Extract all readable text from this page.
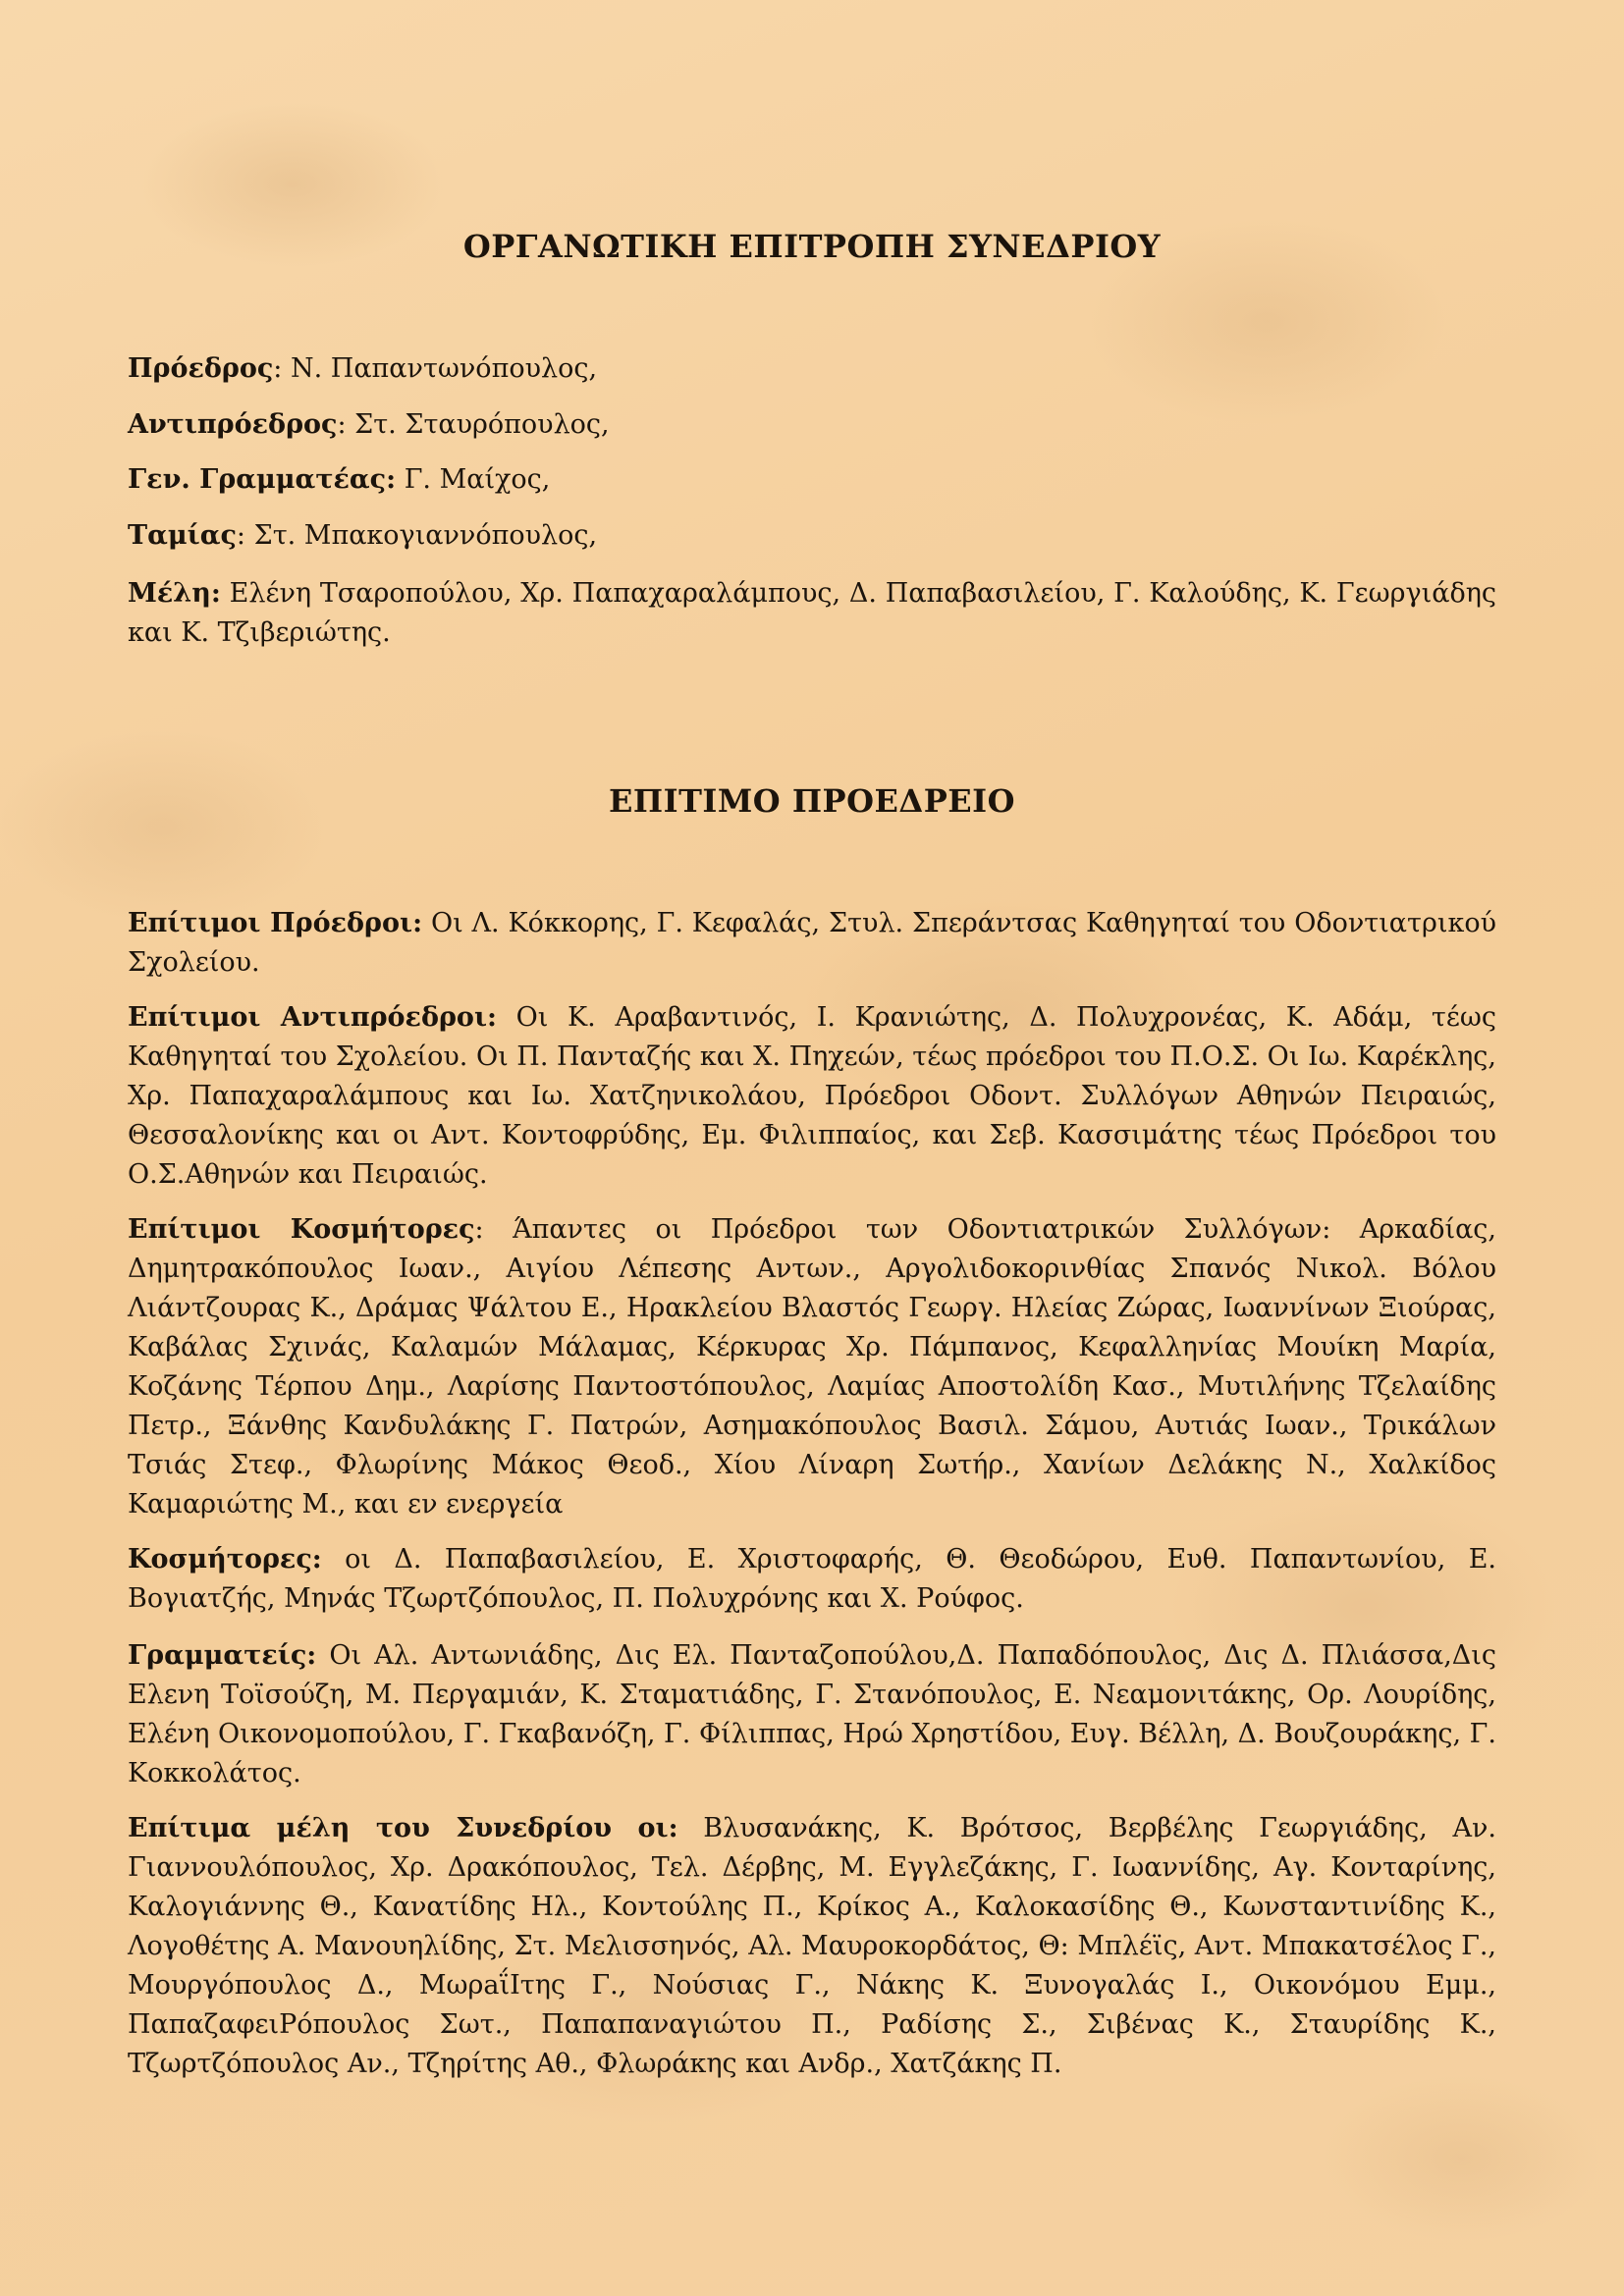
ΟΡΓΑΝΩΤΙΚΗ ΕΠΙΤΡΟΠΗ ΣΥΝΕΔΡΙΟΥ

Πρόεδρος: Ν. Παπαντωνόπουλος,

Αντιπρόεδρος: Στ. Σταυρόπουλος,

Γεν. Γραμματέας: Γ. Μαίχος,

Ταμίας: Στ. Μπακογιαννόπουλος,

Μέλη: Ελένη Τσαροπούλου, Χρ. Παπαχαραλάμπους, Δ. Παπαβασιλείου, Γ. Καλούδης, Κ. Γεωργιάδης και Κ. Τζιβεριώτης.

ΕΠΙΤΙΜΟ ΠΡΟΕΔΡΕΙΟ

Επίτιμοι Πρόεδροι: Οι Λ. Κόκκορης, Γ. Κεφαλάς, Στυλ. Σπεράντσας Καθηγηταί του Οδοντιατρικού Σχολείου.

Επίτιμοι Αντιπρόεδροι: Οι Κ. Αραβαντινός, Ι. Κρανιώτης, Δ. Πολυχρονέας, Κ. Αδάμ, τέως Καθηγηταί του Σχολείου. Οι Π. Πανταζής και Χ. Πηχεών, τέως πρόεδροι του Π.Ο.Σ. Οι Ιω. Καρέκλης, Χρ. Παπαχαραλάμπους και Ιω. Χατζηνικολάου, Πρόεδροι Οδοντ. Συλλόγων Αθηνών Πειραιώς, Θεσσαλονίκης και οι Αντ. Κοντοφρύδης, Εμ. Φιλιππαίος, και Σεβ. Κασσιμάτης τέως Πρόεδροι του Ο.Σ.Αθηνών και Πειραιώς.

Επίτιμοι Κοσμήτορες: Άπαντες οι Πρόεδροι των Οδοντιατρικών Συλλόγων: Αρκαδίας, Δημητρακόπουλος Ιωαν., Αιγίου Λέπεσης Αντων., Αργολιδοκορινθίας Σπανός Νικολ. Βόλου Λιάντζουρας Κ., Δράμας Ψάλτου Ε., Ηρακλείου Βλαστός Γεωργ. Ηλείας Ζώρας, Ιωαννίνων Ξιούρας, Καβάλας Σχινάς, Καλαμών Μάλαμας, Κέρκυρας Χρ. Πάμπανος, Κεφαλληνίας Μουίκη Μαρία, Κοζάνης Τέρπου Δημ., Λαρίσης Παντοστόπουλος, Λαμίας Αποστολίδη Κασ., Μυτιλήνης Τζελαίδης Πετρ., Ξάνθης Κανδυλάκης Γ. Πατρών, Ασημακόπουλος Βασιλ. Σάμου, Αυτιάς Ιωαν., Τρικάλων Τσιάς Στεφ., Φλωρίνης Μάκος Θεοδ., Χίου Λίναρη Σωτήρ., Χανίων Δελάκης Ν., Χαλκίδος Καμαριώτης Μ., και εν ενεργεία

Κοσμήτορες: οι Δ. Παπαβασιλείου, Ε. Χριστοφαρής, Θ. Θεοδώρου, Ευθ. Παπαντωνίου, Ε. Βογιατζής, Μηνάς Τζωρτζόπουλος, Π. Πολυχρόνης και Χ. Ρούφος.

Γραμματείς: Οι Αλ. Αντωνιάδης, Δις Ελ. Πανταζοπούλου,Δ. Παπαδόπουλος, Δις Δ. Πλιάσσα,Δις Ελενη Τοϊσούζη, Μ. Περγαμιάν, Κ. Σταματιάδης, Γ. Στανόπουλος, Ε. Νεαμονιτάκης, Ορ. Λουρίδης, Ελένη Οικονομοπούλου, Γ. Γκαβανόζη, Γ. Φίλιππας, Ηρώ Χρηστίδου, Ευγ. Βέλλη, Δ. Βουζουράκης, Γ. Κοκκολάτος.

Επίτιμα μέλη του Συνεδρίου οι: Βλυσανάκης, Κ. Βρότσος, Βερβέλης Γεωργιάδης, Αν. Γιαννουλόπουλος, Χρ. Δρακόπουλος, Τελ. Δέρβης, Μ. Εγγλεζάκης, Γ. Ιωαννίδης, Αγ. Κονταρίνης, Καλογιάννης Θ., Κανατίδης Ηλ., Κοντούλης Π., Κρίκος Α., Καλοκασίδης Θ., Κωνσταντινίδης Κ., Λογοθέτης Α. Μανουηλίδης, Στ. Μελισσηνός, Αλ. Μαυροκορδάτος, Θ: Μπλέϊς, Αντ. Μπακατσέλος Γ., Μουργόπουλος Δ., ΜωρaΐΙτης Γ., Νούσιας Γ., Νάκης Κ. Ξυνογαλάς Ι., Οικονόμου Εμμ., ΠαπαζαφειΡόπουλος Σωτ., Παπαπαναγιώτου Π., Ραδίσης Σ., Σιβένας Κ., Σταυρίδης Κ., Τζωρτζόπουλος Αν., Τζηρίτης Αθ., Φλωράκης και Ανδρ., Χατζάκης Π.
